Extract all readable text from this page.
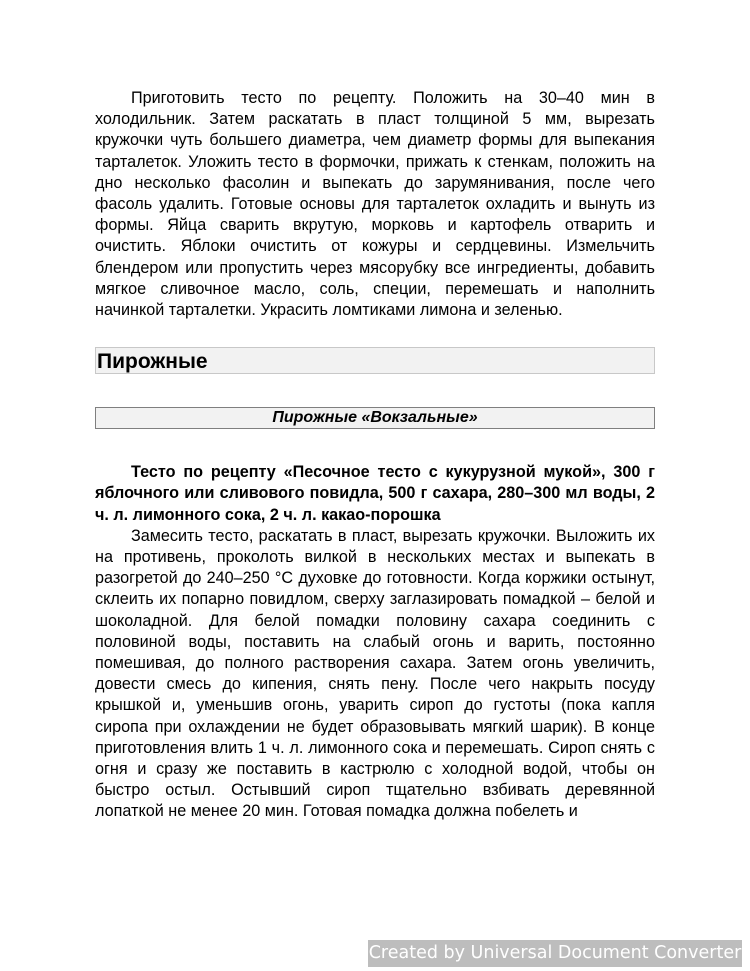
Приготовить тесто по рецепту. Положить на 30–40 мин в холодильник. Затем раскатать в пласт толщиной 5 мм, вырезать кружочки чуть большего диаметра, чем диаметр формы для выпекания тарталеток. Уложить тесто в формочки, прижать к стенкам, положить на дно несколько фасолин и выпекать до зарумянивания, после чего фасоль удалить. Готовые основы для тарталеток охладить и вынуть из формы. Яйца сварить вкрутую, морковь и картофель отварить и очистить. Яблоки очистить от кожуры и сердцевины. Измельчить блендером или пропустить через мясорубку все ингредиенты, добавить мягкое сливочное масло, соль, специи, перемешать и наполнить начинкой тарталетки. Украсить ломтиками лимона и зеленью.

Пирожные
Пирожные «Вокзальные»

Тесто по рецепту «Песочное тесто с кукурузной мукой», 300 г яблочного или сливового повидла, 500 г сахара, 280–300 мл воды, 2 ч. л. лимонного сока, 2 ч. л. какао-порошка

Замесить тесто, раскатать в пласт, вырезать кружочки. Выложить их на противень, проколоть вилкой в нескольких местах и выпекать в разогретой до 240–250 °С духовке до готовности. Когда коржики остынут, склеить их попарно повидлом, сверху заглазировать помадкой – белой и шоколадной. Для белой помадки половину сахара соединить с половиной воды, поставить на слабый огонь и варить, постоянно помешивая, до полного растворения сахара. Затем огонь увеличить, довести смесь до кипения, снять пену. После чего накрыть посуду крышкой и, уменьшив огонь, уварить сироп до густоты (пока капля сиропа при охлаждении не будет образовывать мягкий шарик). В конце приготовления влить 1 ч. л. лимонного сока и перемешать. Сироп снять с огня и сразу же поставить в кастрюлю с холодной водой, чтобы он быстро остыл. Остывший сироп тщательно взбивать деревянной лопаткой не менее 20 мин. Готовая помадка должна побелеть и

Created by Universal Document Converter
